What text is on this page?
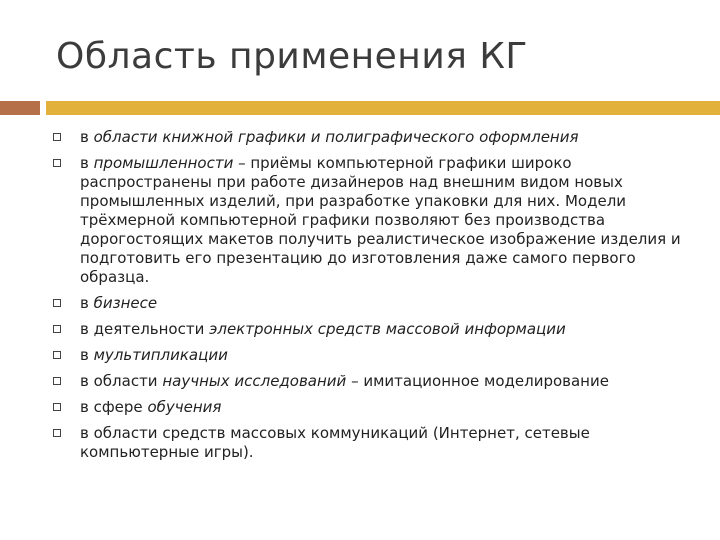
Область применения КГ
в области книжной графики и полиграфического оформления
в промышленности – приёмы компьютерной графики широко распространены при работе дизайнеров над внешним видом новых промышленных изделий, при разработке упаковки для них. Модели трёхмерной компьютерной графики позволяют без производства дорогостоящих макетов получить реалистическое изображение изделия и подготовить его презентацию до изготовления даже самого первого образца.
в бизнесе
в деятельности электронных средств массовой информации
в мультипликации
в области научных исследований – имитационное моделирование
в сфере обучения
в области средств массовых коммуникаций (Интернет, сетевые компьютерные игры).
